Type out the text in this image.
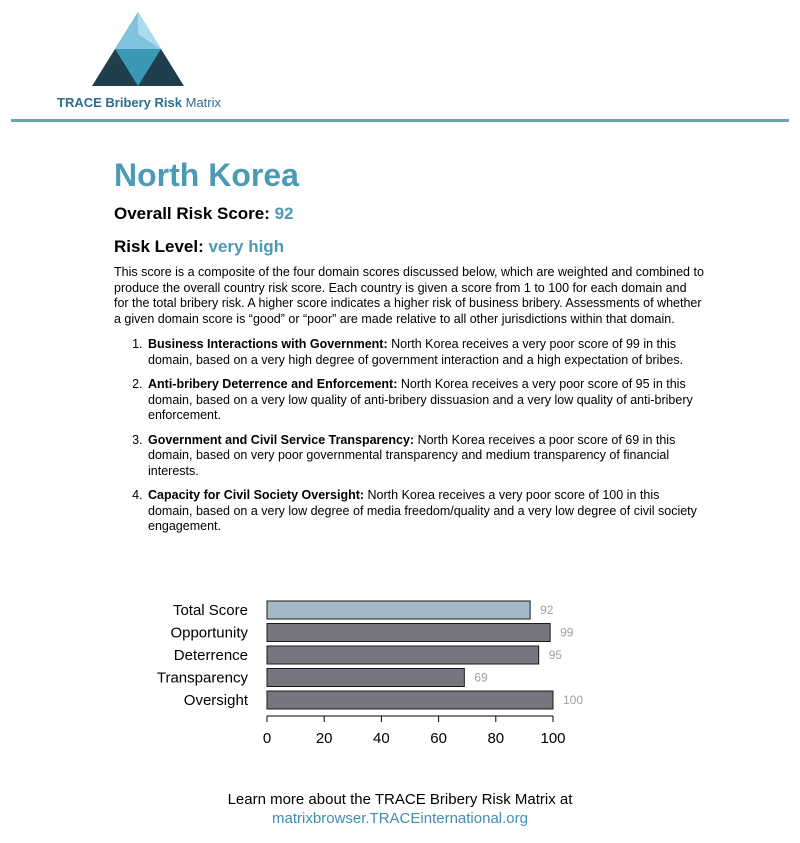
TRACE Bribery Risk Matrix
North Korea

Overall Risk Score: 92

Risk Level: very high

This score is a composite of the four domain scores discussed below, which are weighted and combined to produce the overall country risk score. Each country is given a score from 1 to 100 for each domain and for the total bribery risk. A higher score indicates a higher risk of business bribery. Assessments of whether a given domain score is “good” or “poor” are made relative to all other jurisdictions within that domain.

1. Business Interactions with Government: North Korea receives a very poor score of 99 in this domain, based on a very high degree of government interaction and a high expectation of bribes.
2. Anti-bribery Deterrence and Enforcement: North Korea receives a very poor score of 95 in this domain, based on a very low quality of anti-bribery dissuasion and a very low quality of anti-bribery enforcement.
3. Government and Civil Service Transparency: North Korea receives a poor score of 69 in this domain, based on very poor governmental transparency and medium transparency of financial interests.
4. Capacity for Civil Society Oversight: North Korea receives a very poor score of 100 in this domain, based on a very low degree of media freedom/quality and a very low degree of civil society engagement.
Total Score	92
Opportunity	99
Deterrence	95
Transparency	69
Oversight	100
0	20	40	60	80 100
Learn more about the TRACE Bribery Risk Matrix at
matrixbrowser.TRACEinternational.org
